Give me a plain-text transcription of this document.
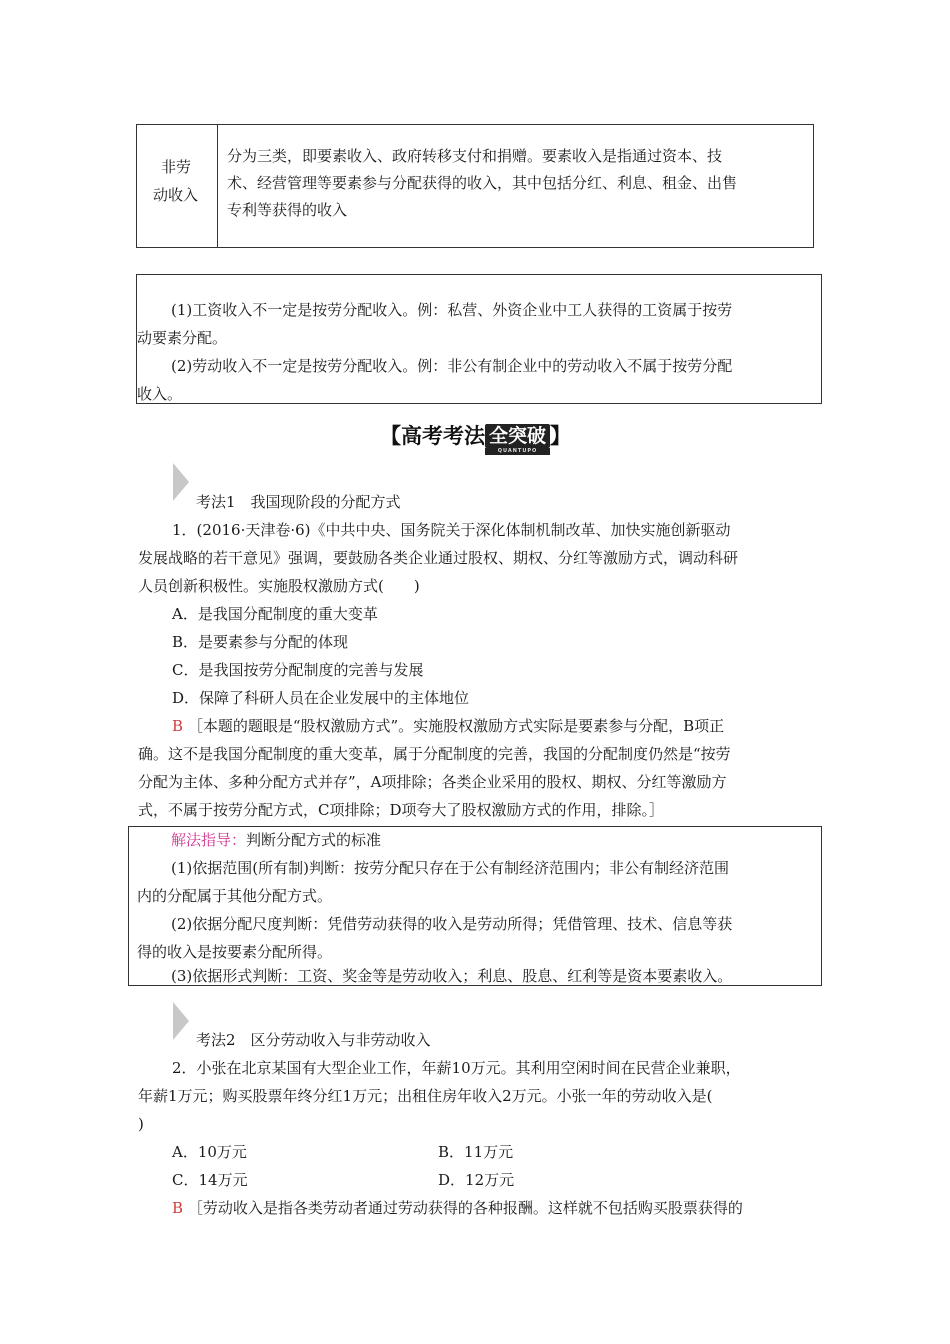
非劳
动收入
分为三类，即要素收入、政府转移支付和捐赠。要素收入是指通过资本、技
术、经营管理等要素参与分配获得的收入，其中包括分红、利息、租金、出售
专利等获得的收入
(1)工资收入不一定是按劳分配收入。例：私营、外资企业中工人获得的工资属于按劳
动要素分配。
(2)劳动收入不一定是按劳分配收入。例：非公有制企业中的劳动收入不属于按劳分配
收入。
【高考考法 全突破
QUANTUPO
】
考法1　我国现阶段的分配方式
1．(2016·天津卷·6)《中共中央、国务院关于深化体制机制改革、加快实施创新驱动
发展战略的若干意见》强调，要鼓励各类企业通过股权、期权、分红等激励方式，调动科研
人员创新积极性。实施股权激励方式(　　)
A．是我国分配制度的重大变革
B．是要素参与分配的体现
C．是我国按劳分配制度的完善与发展
D．保障了科研人员在企业发展中的主体地位
B ［本题的题眼是“股权激励方式”。实施股权激励方式实际是要素参与分配，B项正
确。这不是我国分配制度的重大变革，属于分配制度的完善，我国的分配制度仍然是“按劳
分配为主体、多种分配方式并存”，A项排除；各类企业采用的股权、期权、分红等激励方
式，不属于按劳分配方式，C项排除；D项夸大了股权激励方式的作用，排除。］
解法指导：判断分配方式的标准
(1)依据范围(所有制)判断：按劳分配只存在于公有制经济范围内；非公有制经济范围
内的分配属于其他分配方式。
(2)依据分配尺度判断：凭借劳动获得的收入是劳动所得；凭借管理、技术、信息等获
得的收入是按要素分配所得。
(3)依据形式判断：工资、奖金等是劳动收入；利息、股息、红利等是资本要素收入。
考法2　区分劳动收入与非劳动收入
2．小张在北京某国有大型企业工作，年薪10万元。其利用空闲时间在民营企业兼职，
年薪1万元；购买股票年终分红1万元；出租住房年收入2万元。小张一年的劳动收入是(
)
A．10万元	B．11万元
C．14万元	D．12万元
B ［劳动收入是指各类劳动者通过劳动获得的各种报酬。这样就不包括购买股票获得的
